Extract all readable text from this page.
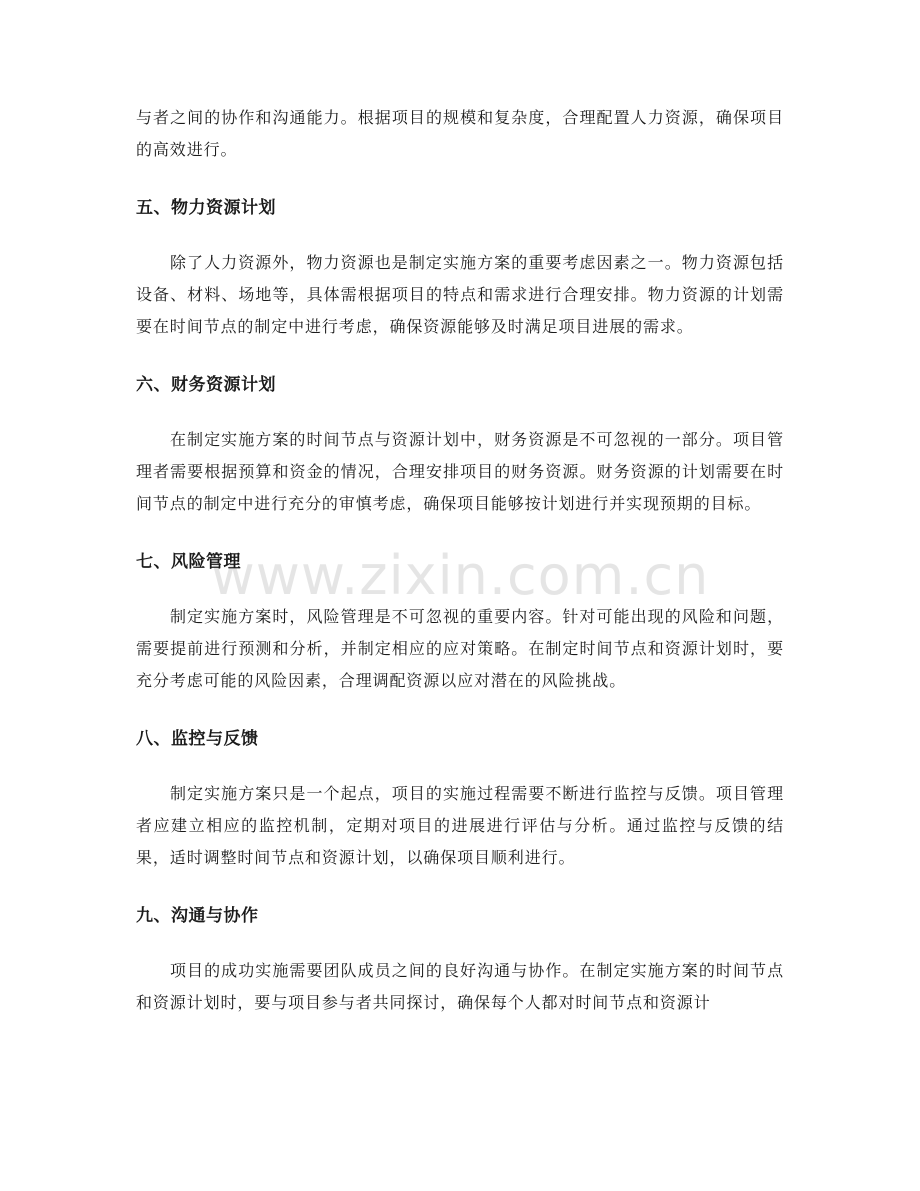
www.zixin.com.cn

与者之间的协作和沟通能力。根据项目的规模和复杂度，合理配置人力资源，确保项目的高效进行。

五、物力资源计划

除了人力资源外，物力资源也是制定实施方案的重要考虑因素之一。物力资源包括设备、材料、场地等，具体需根据项目的特点和需求进行合理安排。物力资源的计划需要在时间节点的制定中进行考虑，确保资源能够及时满足项目进展的需求。

六、财务资源计划

在制定实施方案的时间节点与资源计划中，财务资源是不可忽视的一部分。项目管理者需要根据预算和资金的情况，合理安排项目的财务资源。财务资源的计划需要在时间节点的制定中进行充分的审慎考虑，确保项目能够按计划进行并实现预期的目标。

七、风险管理

制定实施方案时，风险管理是不可忽视的重要内容。针对可能出现的风险和问题，需要提前进行预测和分析，并制定相应的应对策略。在制定时间节点和资源计划时，要充分考虑可能的风险因素，合理调配资源以应对潜在的风险挑战。

八、监控与反馈

制定实施方案只是一个起点，项目的实施过程需要不断进行监控与反馈。项目管理者应建立相应的监控机制，定期对项目的进展进行评估与分析。通过监控与反馈的结果，适时调整时间节点和资源计划，以确保项目顺利进行。

九、沟通与协作

项目的成功实施需要团队成员之间的良好沟通与协作。在制定实施方案的时间节点和资源计划时，要与项目参与者共同探讨，确保每个人都对时间节点和资源计
